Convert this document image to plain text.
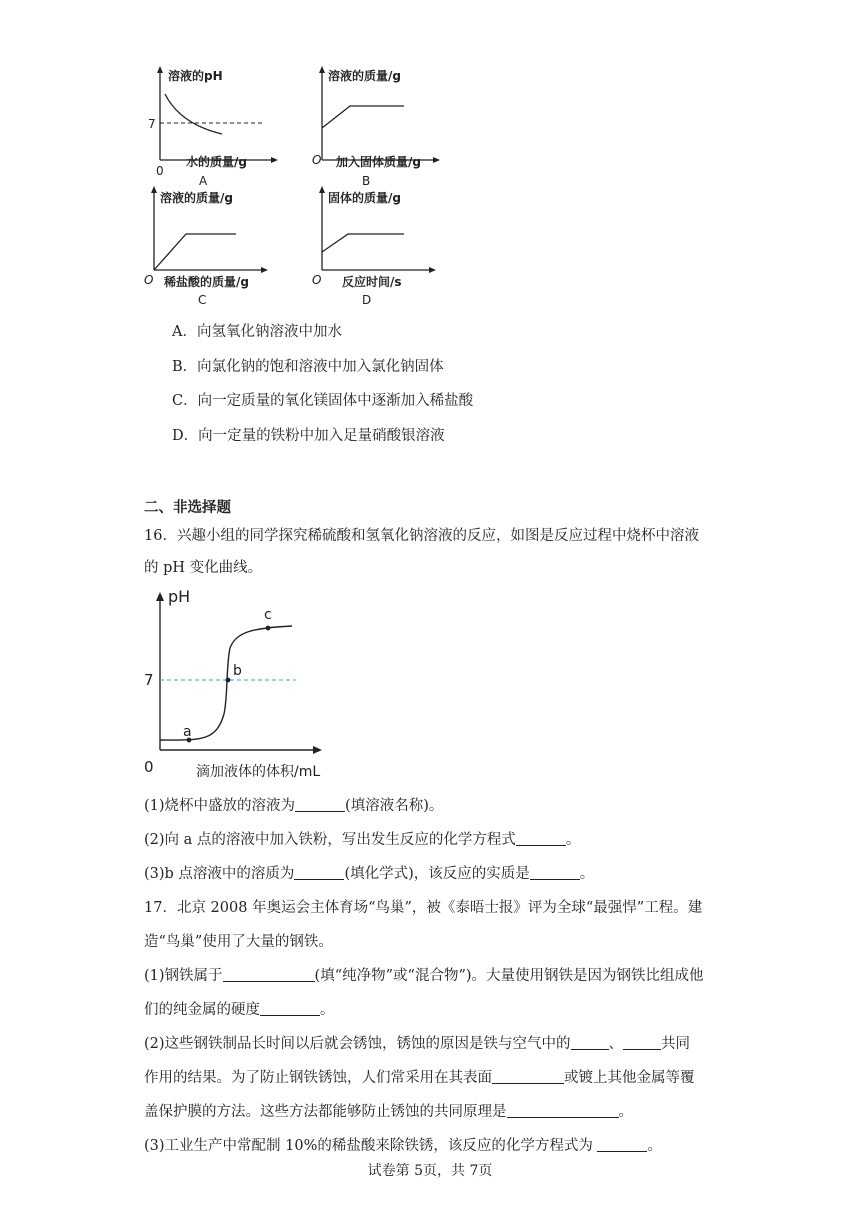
溶液的pH
7
0
水的质量/g
A
溶液的质量/g
O 加入固体质量/g
B
溶液的质量/g
O 稀盐酸的质量/g
C
固体的质量/g
O 反应时间/s
D
A．向氢氧化钠溶液中加水
B．向氯化钠的饱和溶液中加入氯化钠固体
C．向一定质量的氧化镁固体中逐渐加入稀盐酸
D．向一定量的铁粉中加入足量硝酸银溶液
二、非选择题
16．兴趣小组的同学探究稀硫酸和氢氧化钠溶液的反应，如图是反应过程中烧杯中溶液
的 pH 变化曲线。
pH
7
0	滴加液体的体积/mL
a
b
c
(1)烧杯中盛放的溶液为	(填溶液名称)。
(2)向 a 点的溶液中加入铁粉，写出发生反应的化学方程式	。
(3)b 点溶液中的溶质为	(填化学式)，该反应的实质是	。
17．北京 2008 年奥运会主体育场“鸟巢”，被《泰晤士报》评为全球“最强悍”工程。建
造“鸟巢”使用了大量的钢铁。
(1)钢铁属于	(填“纯净物”或“混合物”)。大量使用钢铁是因为钢铁比组成他
们的纯金属的硬度	。
(2)这些钢铁制品长时间以后就会锈蚀，锈蚀的原因是铁与空气中的	、	共同
作用的结果。为了防止钢铁锈蚀，人们常采用在其表面	或镀上其他金属等覆
盖保护膜的方法。这些方法都能够防止锈蚀的共同原理是	。
(3)工业生产中常配制 10%的稀盐酸来除铁锈，该反应的化学方程式为	。
试卷第 5页，共 7页
